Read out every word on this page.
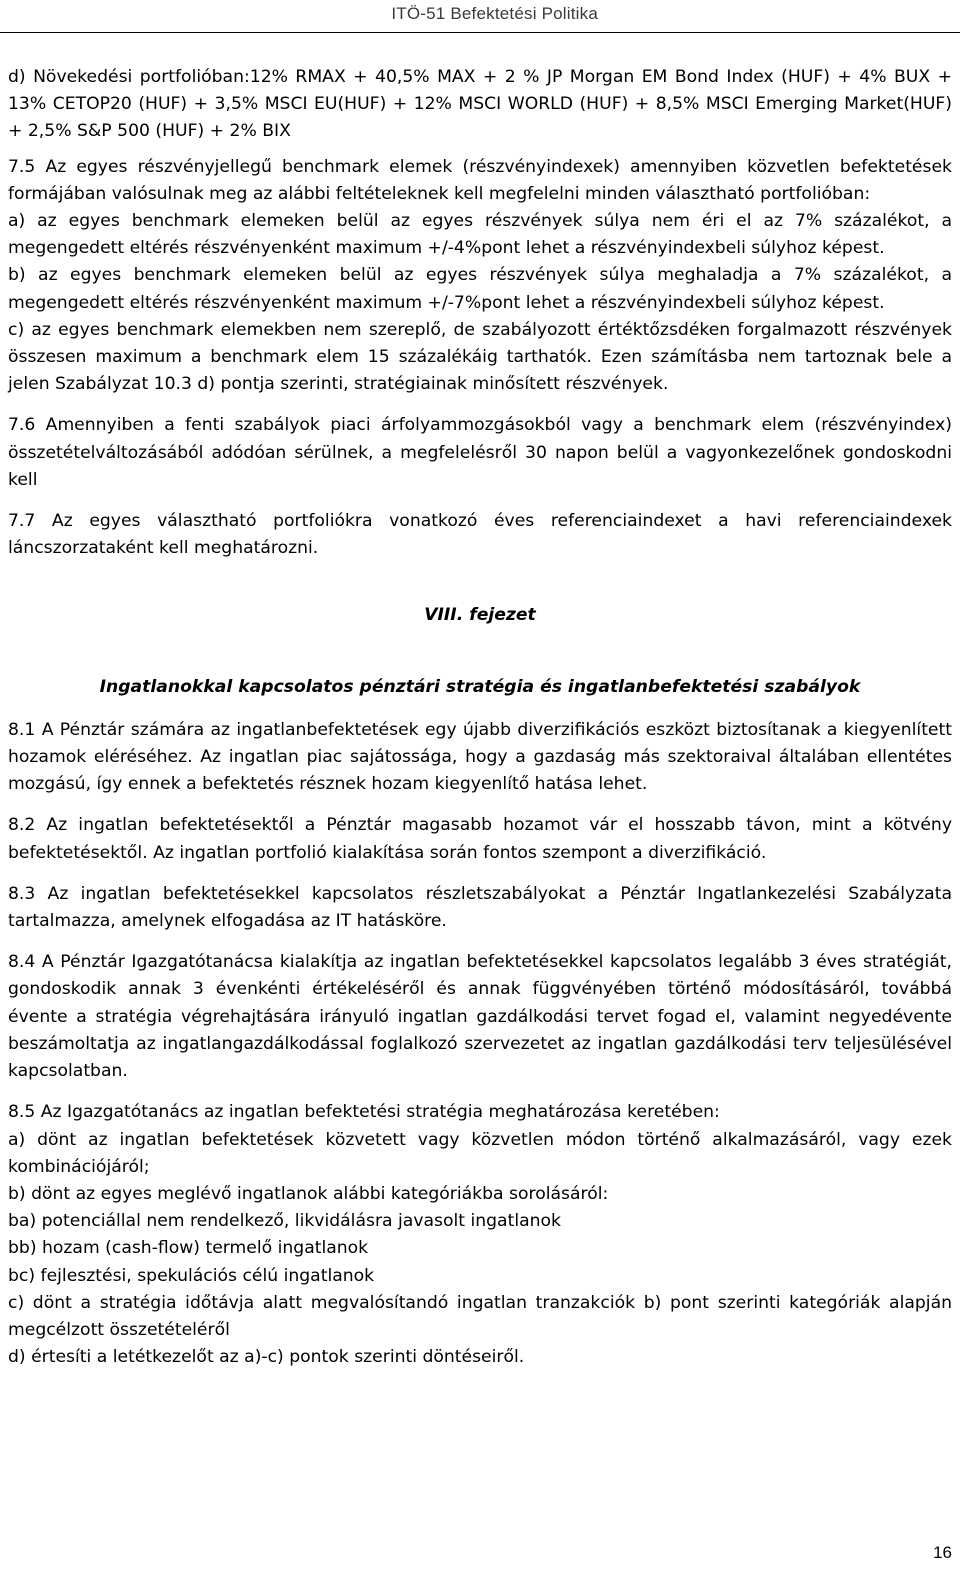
ITÖ-51 Befektetési Politika

d) Növekedési portfolióban:12% RMAX + 40,5% MAX + 2 % JP Morgan EM Bond Index (HUF) + 4% BUX + 13% CETOP20 (HUF) + 3,5% MSCI EU(HUF) + 12% MSCI WORLD (HUF) + 8,5% MSCI Emerging Market(HUF) + 2,5% S&P 500 (HUF) + 2% BIX

7.5 Az egyes részvényjellegű benchmark elemek (részvényindexek) amennyiben közvetlen befektetések formájában valósulnak meg az alábbi feltételeknek kell megfelelni minden választható portfolióban:

a) az egyes benchmark elemeken belül az egyes részvények súlya nem éri el az 7% százalékot, a megengedett eltérés részvényenként maximum +/-4%pont lehet a részvényindexbeli súlyhoz képest.

b) az egyes benchmark elemeken belül az egyes részvények súlya meghaladja a 7% százalékot, a megengedett eltérés részvényenként maximum +/-7%pont lehet a részvényindexbeli súlyhoz képest.

c) az egyes benchmark elemekben nem szereplő, de szabályozott értéktőzsdéken forgalmazott részvények összesen maximum a benchmark elem 15 százalékáig tarthatók. Ezen számításba nem tartoznak bele a jelen Szabályzat 10.3 d) pontja szerinti, stratégiainak minősített részvények.

7.6 Amennyiben a fenti szabályok piaci árfolyammozgásokból vagy a benchmark elem (részvényindex) összetételváltozásából adódóan sérülnek, a megfelelésről 30 napon belül a vagyonkezelőnek gondoskodni kell

7.7 Az egyes választható portfoliókra vonatkozó éves referenciaindexet a havi referenciaindexek láncszorzataként kell meghatározni.

VIII. fejezet

Ingatlanokkal kapcsolatos pénztári stratégia és ingatlanbefektetési szabályok

8.1 A Pénztár számára az ingatlanbefektetések egy újabb diverzifikációs eszközt biztosítanak a kiegyenlített hozamok eléréséhez. Az ingatlan piac sajátossága, hogy a gazdaság más szektoraival általában ellentétes mozgású, így ennek a befektetés résznek hozam kiegyenlítő hatása lehet.

8.2 Az ingatlan befektetésektől a Pénztár magasabb hozamot vár el hosszabb távon, mint a kötvény befektetésektől. Az ingatlan portfolió kialakítása során fontos szempont a diverzifikáció.

8.3 Az ingatlan befektetésekkel kapcsolatos részletszabályokat a Pénztár Ingatlankezelési Szabályzata tartalmazza, amelynek elfogadása az IT hatásköre.

8.4 A Pénztár Igazgatótanácsa kialakítja az ingatlan befektetésekkel kapcsolatos legalább 3 éves stratégiát, gondoskodik annak 3 évenkénti értékeléséről és annak függvényében történő módosításáról, továbbá évente a stratégia végrehajtására irányuló ingatlan gazdálkodási tervet fogad el, valamint negyedévente beszámoltatja az ingatlangazdálkodással foglalkozó szervezetet az ingatlan gazdálkodási terv teljesülésével kapcsolatban.

8.5 Az Igazgatótanács az ingatlan befektetési stratégia meghatározása keretében:

a) dönt az ingatlan befektetések közvetett vagy közvetlen módon történő alkalmazásáról, vagy ezek kombinációjáról;

b) dönt az egyes meglévő ingatlanok alábbi kategóriákba sorolásáról:

ba) potenciállal nem rendelkező, likvidálásra javasolt ingatlanok

bb) hozam (cash-flow) termelő ingatlanok

bc) fejlesztési, spekulációs célú ingatlanok

c) dönt a stratégia időtávja alatt megvalósítandó ingatlan tranzakciók b) pont szerinti kategóriák alapján megcélzott összetételéről

d) értesíti a letétkezelőt az a)-c) pontok szerinti döntéseiről.

16
